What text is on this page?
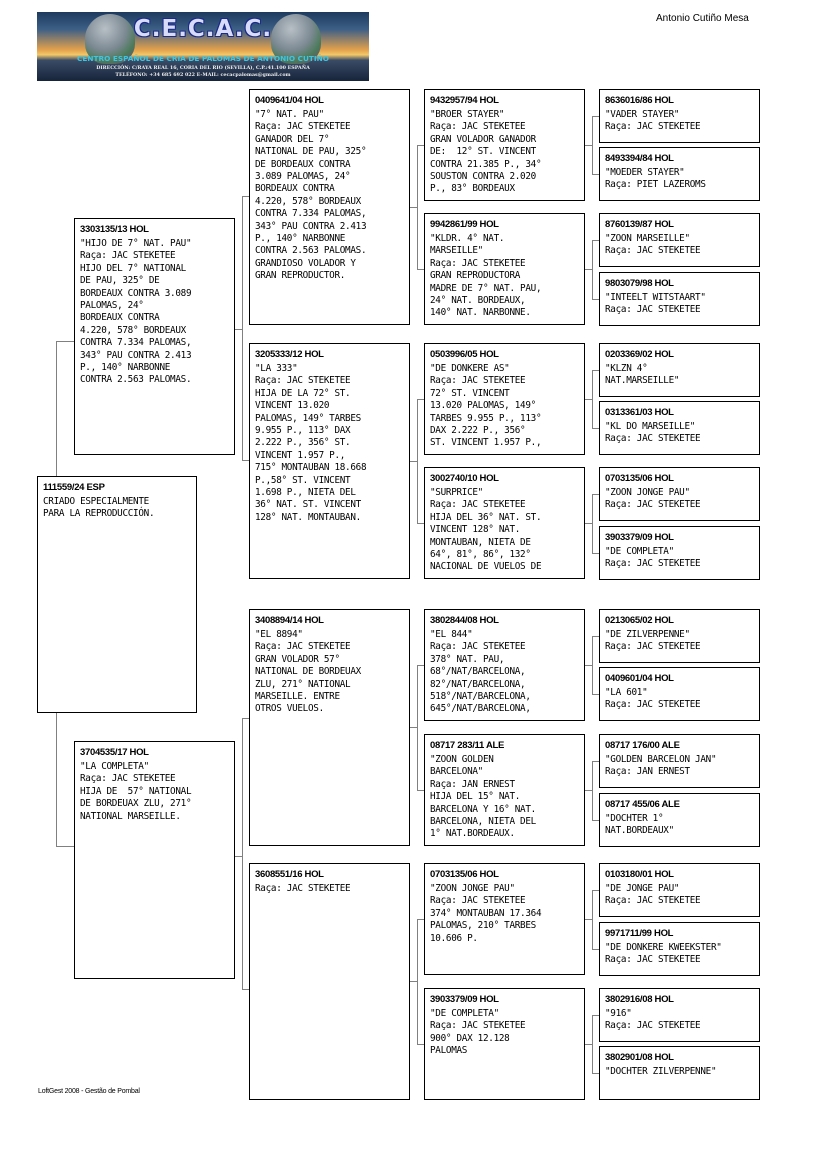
C.E.C.A.C.
CENTRO ESPAÑOL DE CRIA DE PALOMAS DE ANTONIO CUTIÑO
DIRECCIÓN: C/RAYA REAL 16, CORIA DEL RIO (SEVILLA), C.P.:41.100 ESPAÑA
TELÉFONO: +34 685 692 022 E-MAIL: cecacpalomas@gmail.com
Antonio Cutiño Mesa
111559/24 ESP
CRIADO ESPECIALMENTE
PARA LA REPRODUCCIÓN.
3303135/13 HOL
"HIJO DE 7° NAT. PAU"
Raça: JAC STEKETEE
HIJO DEL 7° NATIONAL
DE PAU, 325° DE
BORDEAUX CONTRA 3.089
PALOMAS, 24°
BORDEAUX CONTRA
4.220, 578° BORDEAUX
CONTRA 7.334 PALOMAS,
343° PAU CONTRA 2.413
P., 140° NARBONNE
CONTRA 2.563 PALOMAS.
3704535/17 HOL
"LA COMPLETA"
Raça: JAC STEKETEE
HIJA DE  57° NATIONAL
DE BORDEUAX ZLU, 271°
NATIONAL MARSEILLE.
0409641/04 HOL
"7° NAT. PAU"
Raça: JAC STEKETEE
GANADOR DEL 7°
NATIONAL DE PAU, 325°
DE BORDEAUX CONTRA
3.089 PALOMAS, 24°
BORDEAUX CONTRA
4.220, 578° BORDEAUX
CONTRA 7.334 PALOMAS,
343° PAU CONTRA 2.413
P., 140° NARBONNE
CONTRA 2.563 PALOMAS.
GRANDIOSO VOLADOR Y
GRAN REPRODUCTOR.
3205333/12 HOL
"LA 333"
Raça: JAC STEKETEE
HIJA DE LA 72° ST.
VINCENT 13.020
PALOMAS, 149° TARBES
9.955 P., 113° DAX
2.222 P., 356° ST.
VINCENT 1.957 P.,
715° MONTAUBAN 18.668
P.,58° ST. VINCENT
1.698 P., NIETA DEL
36° NAT. ST. VINCENT
128° NAT. MONTAUBAN.
3408894/14 HOL
"EL 8894"
Raça: JAC STEKETEE
GRAN VOLADOR 57°
NATIONAL DE BORDEUAX
ZLU, 271° NATIONAL
MARSEILLE. ENTRE
OTROS VUELOS.
3608551/16 HOL
Raça: JAC STEKETEE
9432957/94 HOL
"BROER STAYER"
Raça: JAC STEKETEE
GRAN VOLADOR GANADOR
DE:  12° ST. VINCENT
CONTRA 21.385 P., 34°
SOUSTON CONTRA 2.020
P., 83° BORDEAUX
9942861/99 HOL
"KLDR. 4° NAT.
MARSEILLE"
Raça: JAC STEKETEE
GRAN REPRODUCTORA
MADRE DE 7° NAT. PAU,
24° NAT. BORDEAUX,
140° NAT. NARBONNE.
0503996/05 HOL
"DE DONKERE AS"
Raça: JAC STEKETEE
72° ST. VINCENT
13.020 PALOMAS, 149°
TARBES 9.955 P., 113°
DAX 2.222 P., 356°
ST. VINCENT 1.957 P.,
3002740/10 HOL
"SURPRICE"
Raça: JAC STEKETEE
HIJA DEL 36° NAT. ST.
VINCENT 128° NAT.
MONTAUBAN, NIETA DE
64°, 81°, 86°, 132°
NACIONAL DE VUELOS DE
3802844/08 HOL
"EL 844"
Raça: JAC STEKETEE
378° NAT. PAU,
68°/NAT/BARCELONA,
82°/NAT/BARCELONA,
518°/NAT/BARCELONA,
645°/NAT/BARCELONA,
08717 283/11 ALE
"ZOON GOLDEN
BARCELONA"
Raça: JAN ERNEST
HIJA DEL 15° NAT.
BARCELONA Y 16° NAT.
BARCELONA, NIETA DEL
1° NAT.BORDEAUX.
0703135/06 HOL
"ZOON JONGE PAU"
Raça: JAC STEKETEE
374° MONTAUBAN 17.364
PALOMAS, 210° TARBES
10.606 P.
3903379/09 HOL
"DE COMPLETA"
Raça: JAC STEKETEE
900° DAX 12.128
PALOMAS
8636016/86 HOL
"VADER STAYER"
Raça: JAC STEKETEE
8493394/84 HOL
"MOEDER STAYER"
Raça: PIET LAZEROMS
8760139/87 HOL
"ZOON MARSEILLE"
Raça: JAC STEKETEE
9803079/98 HOL
"INTEELT WITSTAART"
Raça: JAC STEKETEE
0203369/02 HOL
"KLZN 4°
NAT.MARSEILLE"
0313361/03 HOL
"KL DO MARSEILLE"
Raça: JAC STEKETEE
0703135/06 HOL
"ZOON JONGE PAU"
Raça: JAC STEKETEE
3903379/09 HOL
"DE COMPLETA"
Raça: JAC STEKETEE
0213065/02 HOL
"DE ZILVERPENNE"
Raça: JAC STEKETEE
0409601/04 HOL
"LA 601"
Raça: JAC STEKETEE
08717 176/00 ALE
"GOLDEN BARCELON JAN"
Raça: JAN ERNEST
08717 455/06 ALE
"DOCHTER 1°
NAT.BORDEAUX"
0103180/01 HOL
"DE JONGE PAU"
Raça: JAC STEKETEE
9971711/99 HOL
"DE DONKERE KWEEKSTER"
Raça: JAC STEKETEE
3802916/08 HOL
"916"
Raça: JAC STEKETEE
3802901/08 HOL
"DOCHTER ZILVERPENNE"
LoftGest 2008 - Gestão de Pombal
